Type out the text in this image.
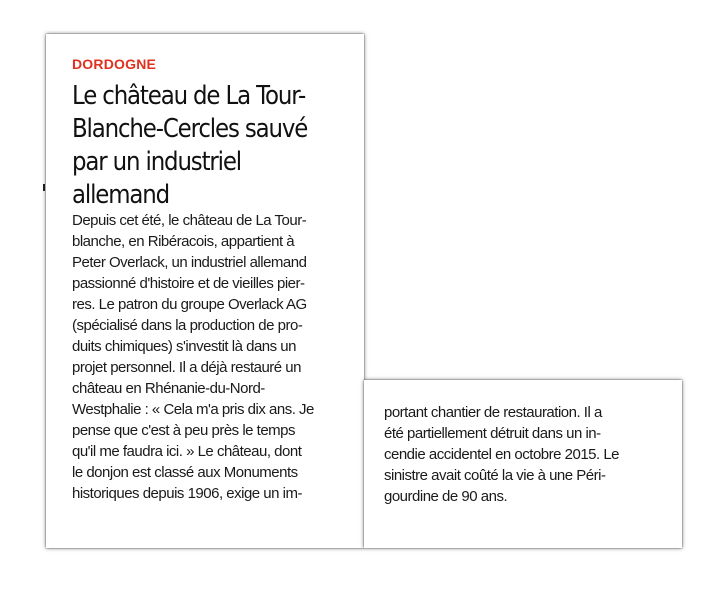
DORDOGNE

Le château de La Tour-Blanche-Cercles sauvé par un industriel allemand

Depuis cet été, le château de La Tour-
blanche, en Ribéracois, appartient à
Peter Overlack, un industriel allemand
passionné d'histoire et de vieilles pier-
res. Le patron du groupe Overlack AG
(spécialisé dans la production de pro-
duits chimiques) s'investit là dans un
projet personnel. Il a déjà restauré un
château en Rhénanie-du-Nord-
Westphalie : « Cela m'a pris dix ans. Je
pense que c'est à peu près le temps
qu'il me faudra ici. » Le château, dont
le donjon est classé aux Monuments
historiques depuis 1906, exige un im-

portant chantier de restauration. Il a
été partiellement détruit dans un in-
cendie accidentel en octobre 2015. Le
sinistre avait coûté la vie à une Péri-
gourdine de 90 ans.
